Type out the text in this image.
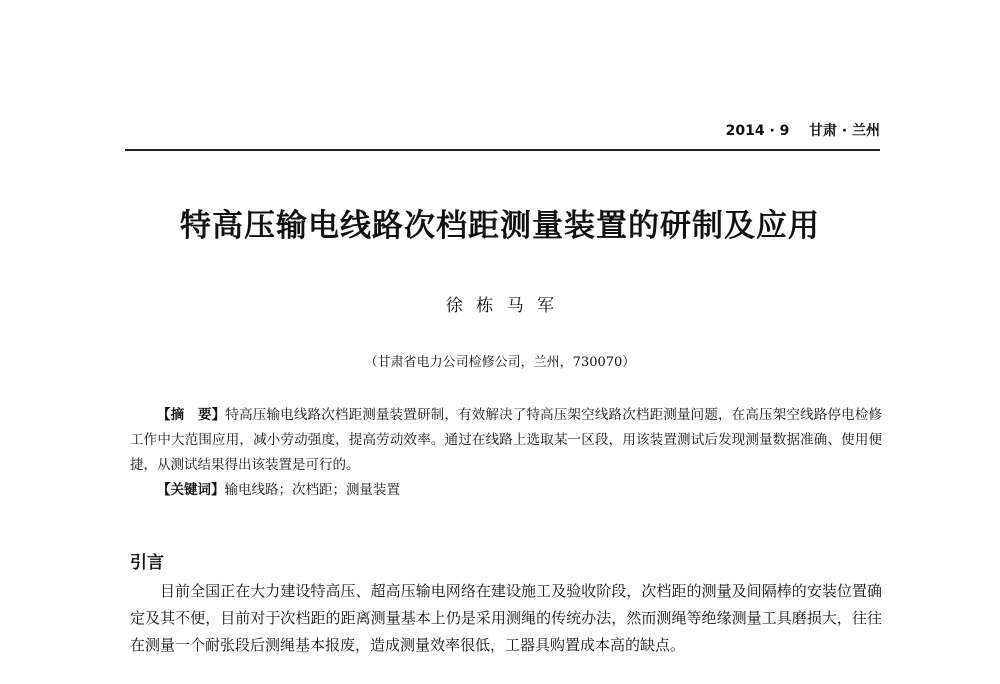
2014 · 9 甘肃 · 兰州
特高压输电线路次档距测量装置的研制及应用
徐 栋 马 军
（甘肃省电力公司检修公司，兰州，730070）

【摘　要】特高压输电线路次档距测量装置研制，有效解决了特高压架空线路次档距测量问题，在高压架空线路停电检修工作中大范围应用，减小劳动强度，提高劳动效率。通过在线路上选取某一区段，用该装置测试后发现测量数据准确、使用便捷，从测试结果得出该装置是可行的。

【关键词】输电线路；次档距；测量装置

引言

目前全国正在大力建设特高压、超高压输电网络在建设施工及验收阶段，次档距的测量及间隔棒的安装位置确定及其不便，目前对于次档距的距离测量基本上仍是采用测绳的传统办法，然而测绳等绝缘测量工具磨损大，往往在测量一个耐张段后测绳基本报废，造成测量效率很低，工器具购置成本高的缺点。
